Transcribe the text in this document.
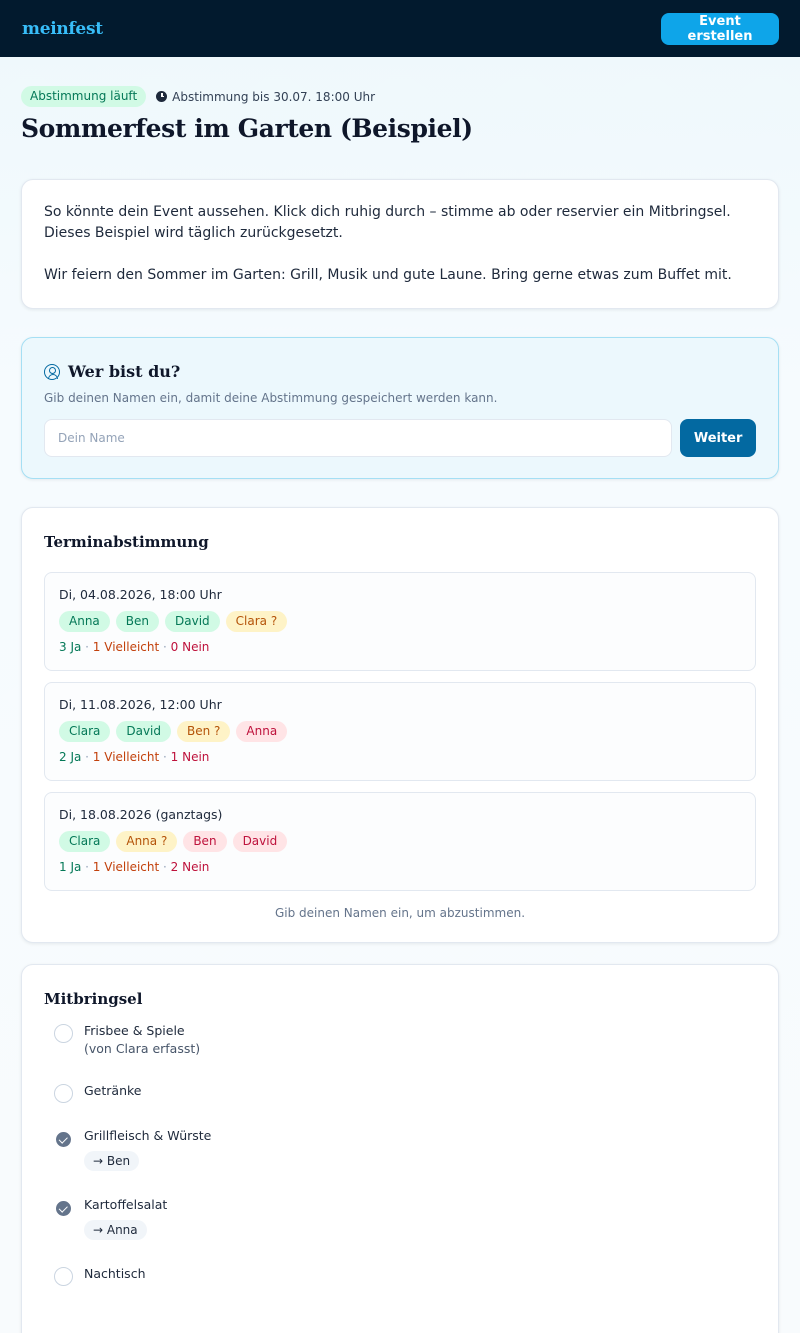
meinfest	Event erstellen
Abstimmung läuft	Abstimmung bis 30.07. 18:00 Uhr
Sommerfest im Garten (Beispiel)

So könnte dein Event aussehen. Klick dich ruhig durch – stimme ab oder reservier ein Mitbringsel. Dieses Beispiel wird täglich zurückgesetzt.

Wir feiern den Sommer im Garten: Grill, Musik und gute Laune. Bring gerne etwas zum Buffet mit.

Wer bist du?

Gib deinen Namen ein, damit deine Abstimmung gespeichert werden kann.

Dein Name
Weiter
Terminabstimmung
Di, 04.08.2026, 18:00 Uhr
Anna	Ben	David	Clara ?
3 Ja · 1 Vielleicht · 0 Nein
Di, 11.08.2026, 12:00 Uhr
Clara	David	Ben ?	Anna
2 Ja · 1 Vielleicht · 1 Nein
Di, 18.08.2026 (ganztags)
Clara	Anna ?	Ben	David
1 Ja · 1 Vielleicht · 2 Nein

Gib deinen Namen ein, um abzustimmen.

Mitbringsel
Frisbee & Spiele
(von Clara erfasst)
Getränke
Grillfleisch & Würste
→ Ben
Kartoffelsalat
→ Anna
Nachtisch
